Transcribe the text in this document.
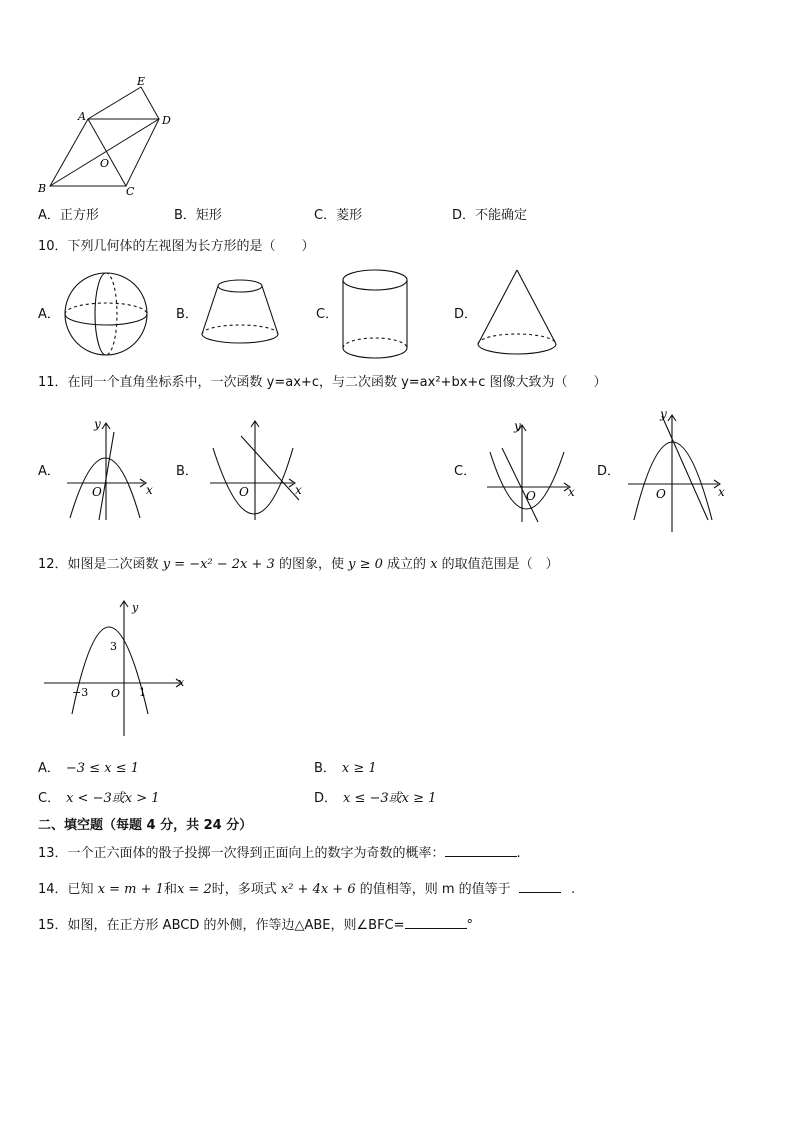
E
A	D
O
B	C
A．正方形	B．矩形	C．菱形	D．不能确定
10．下列几何体的左视图为长方形的是（　　）
A．	B．	C．	D．
11．在同一个直角坐标系中，一次函数 y=ax+c，与二次函数 y=ax²+bx+c 图像大致为（　　）
A．
y
x
O
B．
x
O
C．
y
x
O
D．
y
x
O
12．如图是二次函数 y = −x² − 2x + 3 的图象，使 y ≥ 0 成立的 x 的取值范围是（　）
y
x
3
−3 O 1
A． −3 ≤ x ≤ 1	B． x ≥ 1
C． x < −3或x > 1	D． x ≤ −3或x ≥ 1
二、填空题（每题 4 分，共 24 分）
13．一个正六面体的骰子投掷一次得到正面向上的数字为奇数的概率：	.
14．已知 x = m + 1和x = 2时，多项式 x² + 4x + 6 的值相等，则 m 的值等于	.
15．如图，在正方形 ABCD 的外侧，作等边△ABE，则∠BFC=	°
